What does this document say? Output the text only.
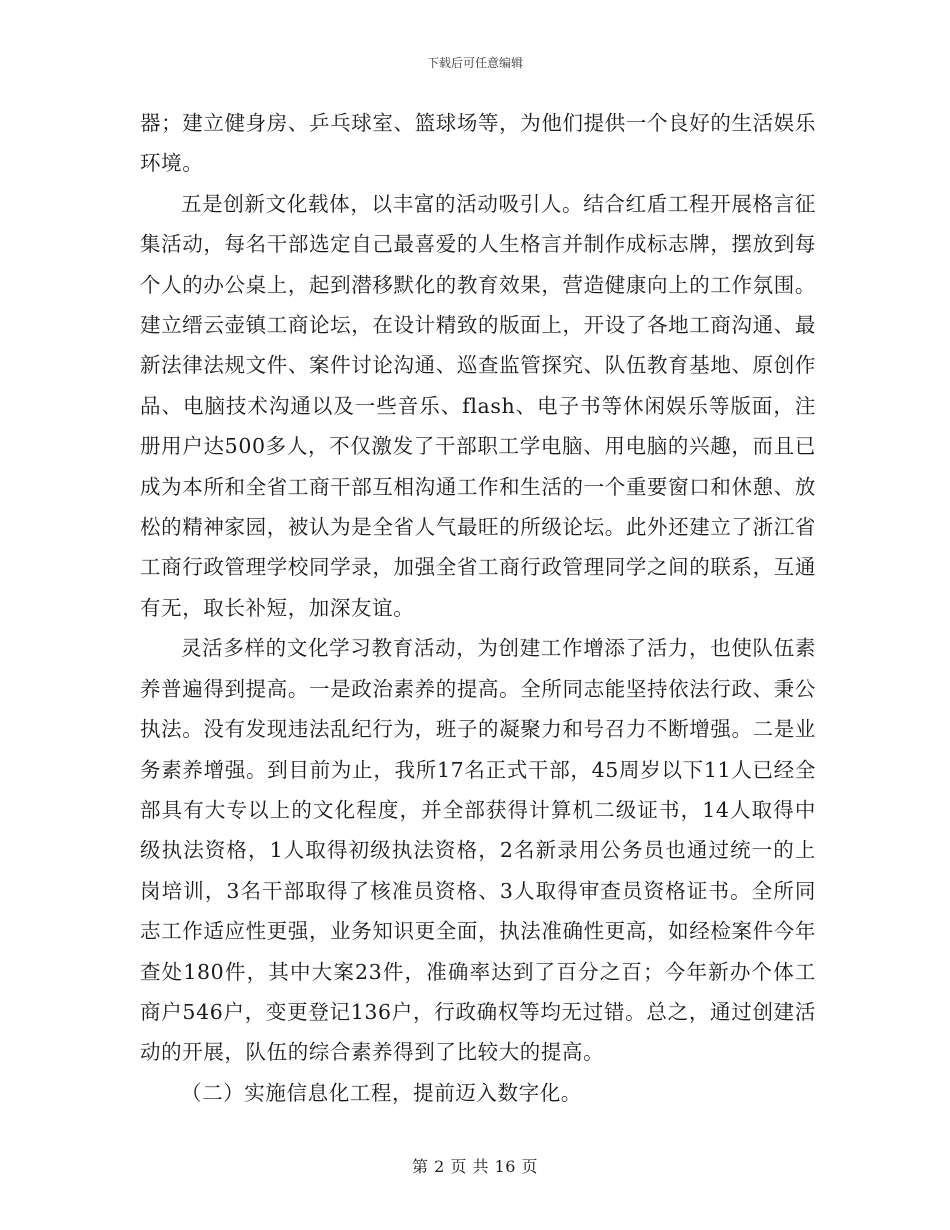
下载后可任意编辑

器；建立健身房、乒乓球室、篮球场等，为他们提供一个良好的生活娱乐环境。

五是创新文化载体，以丰富的活动吸引人。结合红盾工程开展格言征集活动，每名干部选定自己最喜爱的人生格言并制作成标志牌，摆放到每个人的办公桌上，起到潜移默化的教育效果，营造健康向上的工作氛围。建立缙云壶镇工商论坛，在设计精致的版面上，开设了各地工商沟通、最新法律法规文件、案件讨论沟通、巡查监管探究、队伍教育基地、原创作品、电脑技术沟通以及一些音乐、flash、电子书等休闲娱乐等版面，注册用户达500多人，不仅激发了干部职工学电脑、用电脑的兴趣，而且已成为本所和全省工商干部互相沟通工作和生活的一个重要窗口和休憩、放松的精神家园，被认为是全省人气最旺的所级论坛。此外还建立了浙江省工商行政管理学校同学录，加强全省工商行政管理同学之间的联系，互通有无，取长补短，加深友谊。

灵活多样的文化学习教育活动，为创建工作增添了活力，也使队伍素养普遍得到提高。一是政治素养的提高。全所同志能坚持依法行政、秉公执法。没有发现违法乱纪行为，班子的凝聚力和号召力不断增强。二是业务素养增强。到目前为止，我所17名正式干部，45周岁以下11人已经全部具有大专以上的文化程度，并全部获得计算机二级证书，14人取得中级执法资格，1人取得初级执法资格，2名新录用公务员也通过统一的上岗培训，3名干部取得了核准员资格、3人取得审查员资格证书。全所同志工作适应性更强，业务知识更全面，执法准确性更高，如经检案件今年查处180件，其中大案23件，准确率达到了百分之百；今年新办个体工商户546户，变更登记136户，行政确权等均无过错。总之，通过创建活动的开展，队伍的综合素养得到了比较大的提高。

（二）实施信息化工程，提前迈入数字化。

第 2 页 共 16 页
